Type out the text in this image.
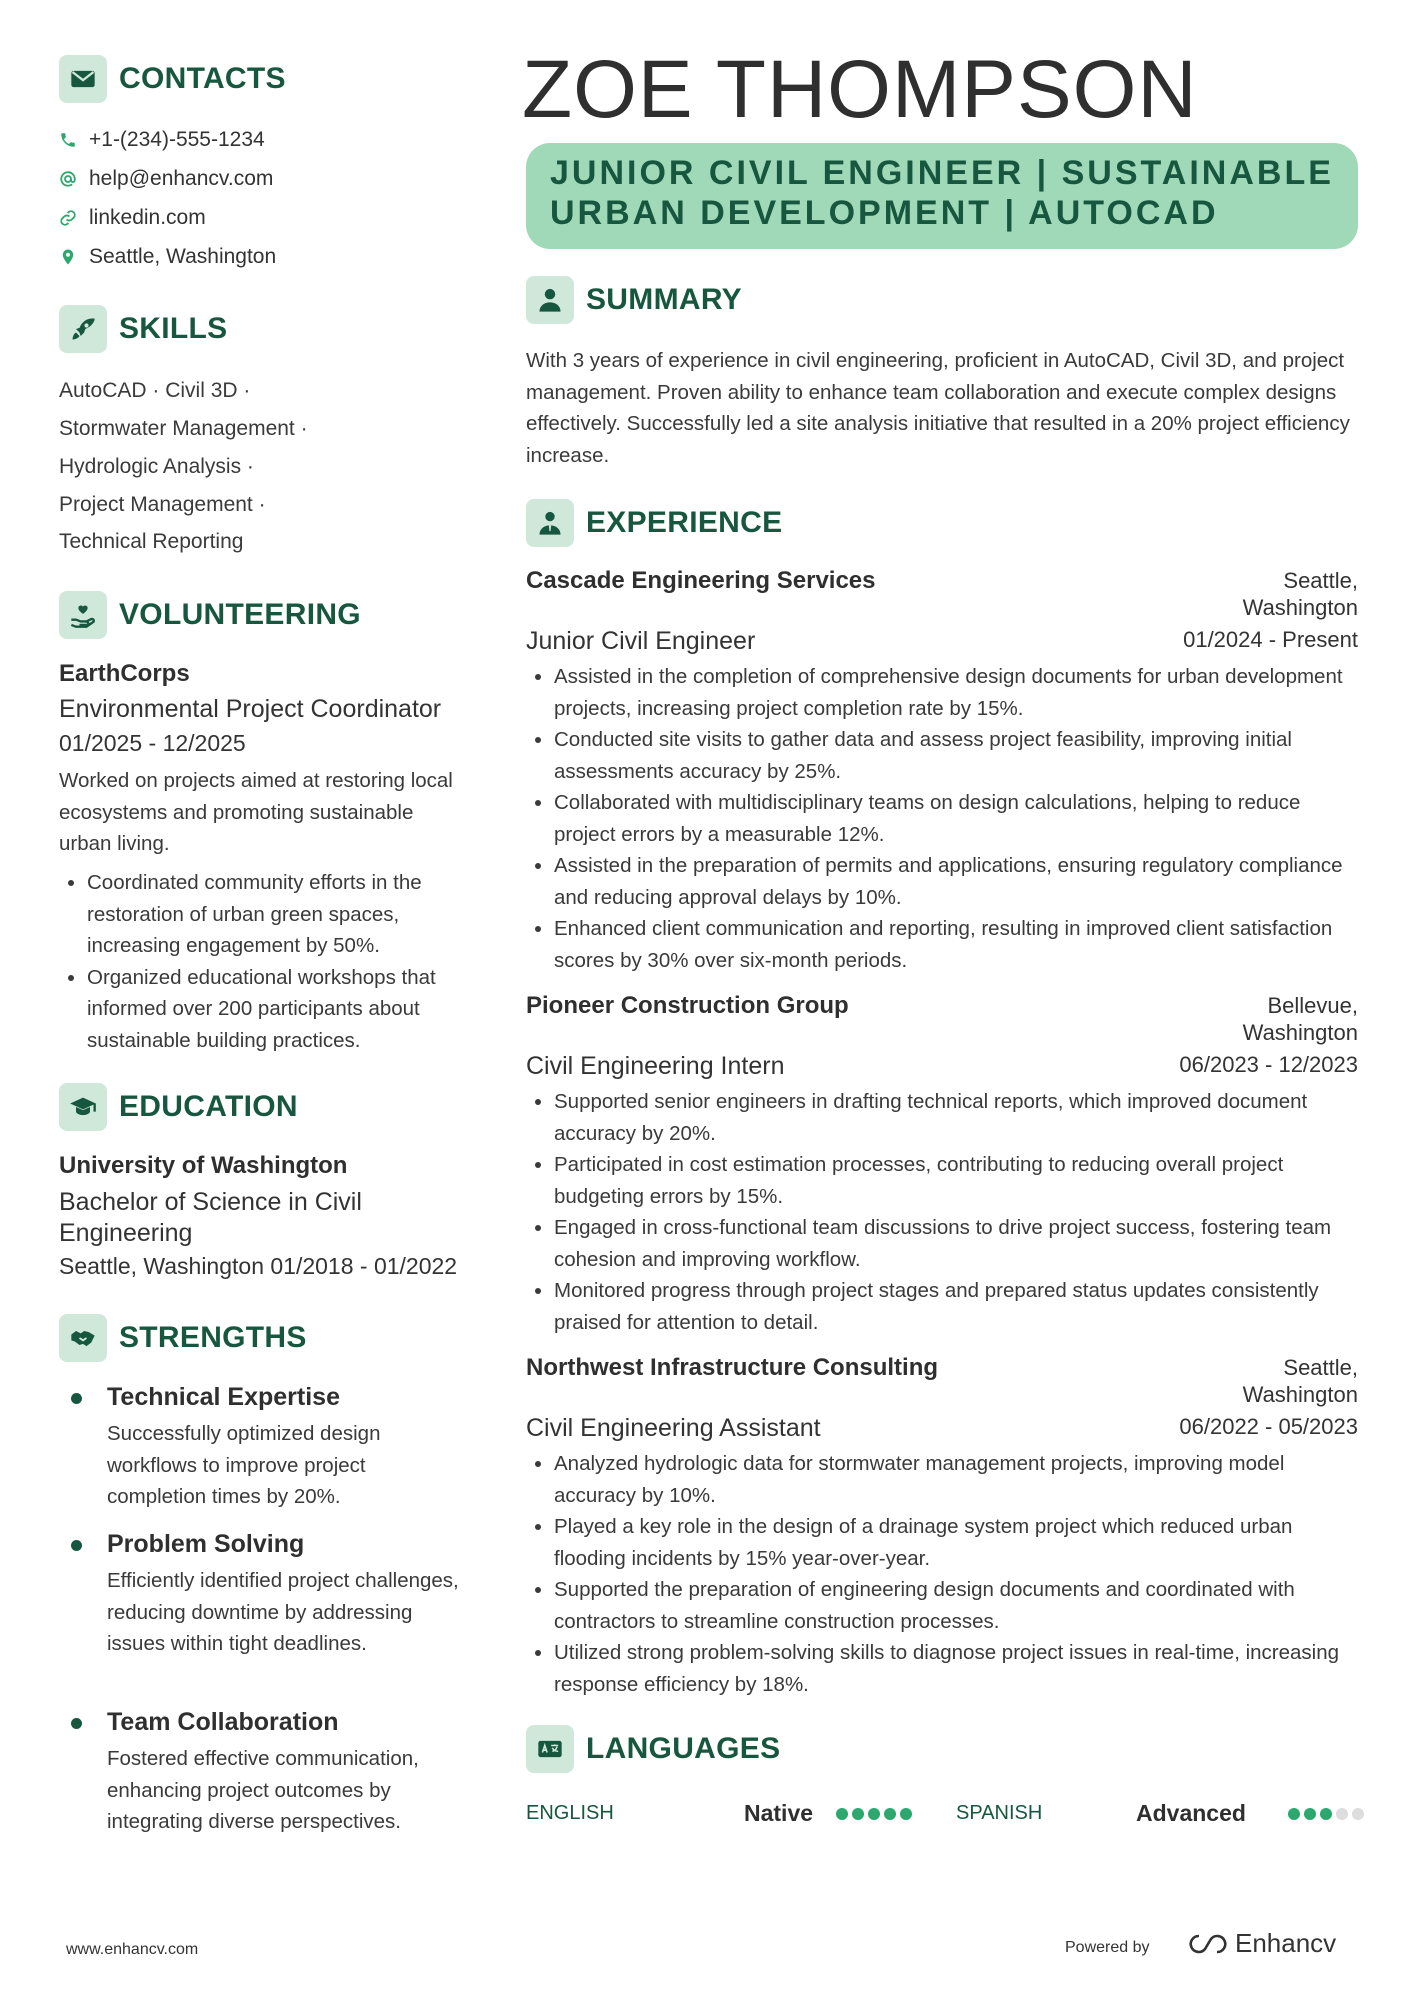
CONTACTS
+1-(234)-555-1234
help@enhancv.com
linkedin.com
Seattle, Washington
SKILLS
AutoCAD · Civil 3D ·
Stormwater Management ·
Hydrologic Analysis ·
Project Management ·
Technical Reporting
VOLUNTEERING
EarthCorps
Environmental Project Coordinator
01/2025 - 12/2025
Worked on projects aimed at restoring local ecosystems and promoting sustainable urban living.
• Coordinated community efforts in the restoration of urban green spaces, increasing engagement by 50%.
• Organized educational workshops that informed over 200 participants about sustainable building practices.
EDUCATION
University of Washington
Bachelor of Science in Civil
Engineering
Seattle, Washington 01/2018 - 01/2022
STRENGTHS
Technical Expertise
Successfully optimized design workflows to improve project completion times by 20%.
Problem Solving
Efficiently identified project challenges, reducing downtime by addressing issues within tight deadlines.
Team Collaboration
Fostered effective communication, enhancing project outcomes by integrating diverse perspectives.
ZOE THOMPSON
JUNIOR CIVIL ENGINEER | SUSTAINABLE
URBAN DEVELOPMENT | AUTOCAD
SUMMARY
With 3 years of experience in civil engineering, proficient in AutoCAD, Civil 3D, and project management. Proven ability to enhance team collaboration and execute complex designs effectively. Successfully led a site analysis initiative that resulted in a 20% project efficiency increase.
EXPERIENCE
Cascade Engineering Services	Seattle,
Washington
Junior Civil Engineer	01/2024 - Present
• Assisted in the completion of comprehensive design documents for urban development projects, increasing project completion rate by 15%.
• Conducted site visits to gather data and assess project feasibility, improving initial assessments accuracy by 25%.
• Collaborated with multidisciplinary teams on design calculations, helping to reduce project errors by a measurable 12%.
• Assisted in the preparation of permits and applications, ensuring regulatory compliance and reducing approval delays by 10%.
• Enhanced client communication and reporting, resulting in improved client satisfaction scores by 30% over six-month periods.
Pioneer Construction Group	Bellevue,
Washington
Civil Engineering Intern	06/2023 - 12/2023
• Supported senior engineers in drafting technical reports, which improved document accuracy by 20%.
• Participated in cost estimation processes, contributing to reducing overall project budgeting errors by 15%.
• Engaged in cross-functional team discussions to drive project success, fostering team cohesion and improving workflow.
• Monitored progress through project stages and prepared status updates consistently praised for attention to detail.
Northwest Infrastructure Consulting	Seattle,
Washington
Civil Engineering Assistant	06/2022 - 05/2023
• Analyzed hydrologic data for stormwater management projects, improving model accuracy by 10%.
• Played a key role in the design of a drainage system project which reduced urban flooding incidents by 15% year-over-year.
• Supported the preparation of engineering design documents and coordinated with contractors to streamline construction processes.
• Utilized strong problem-solving skills to diagnose project issues in real-time, increasing response efficiency by 18%.
LANGUAGES
ENGLISH	Native	SPANISH	Advanced
www.enhancv.com	Powered by	Enhancv
